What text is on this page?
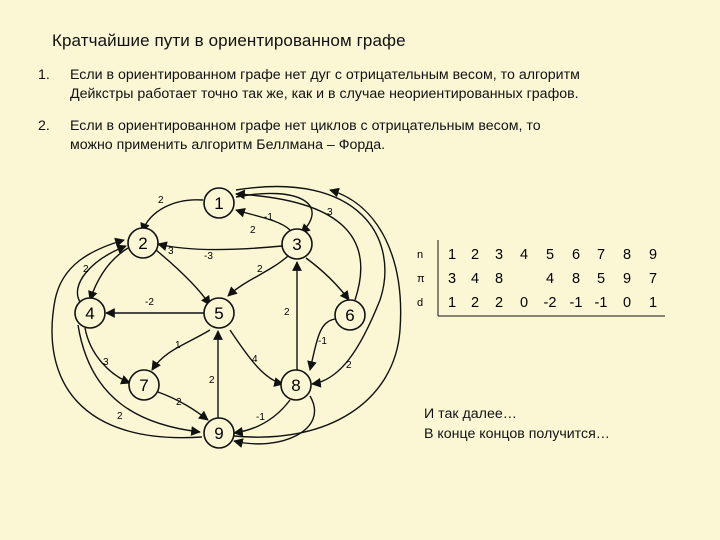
Кратчайшие пути в ориентированном графе
1. Если в ориентированном графе нет дуг с отрицательным весом, то алгоритм
Дейкстры работает точно так же, как и в случае неориентированных графов.
2. Если в ориентированном графе нет циклов с отрицательным весом, то
можно применить алгоритм Беллмана – Форда.
2
3
-1
2
3	-3
2	2
-2
2
1	-1
3	4
2
2
2
2	-1
1
2	3
4	5	6
7	8
9
n
π
d
1 2 3 4 5 6 7 8 9
3 4 8	4 8 5 9 7
1 2 2 0 -2 -1 -1 0 1
И так далее…
В конце концов получится…
